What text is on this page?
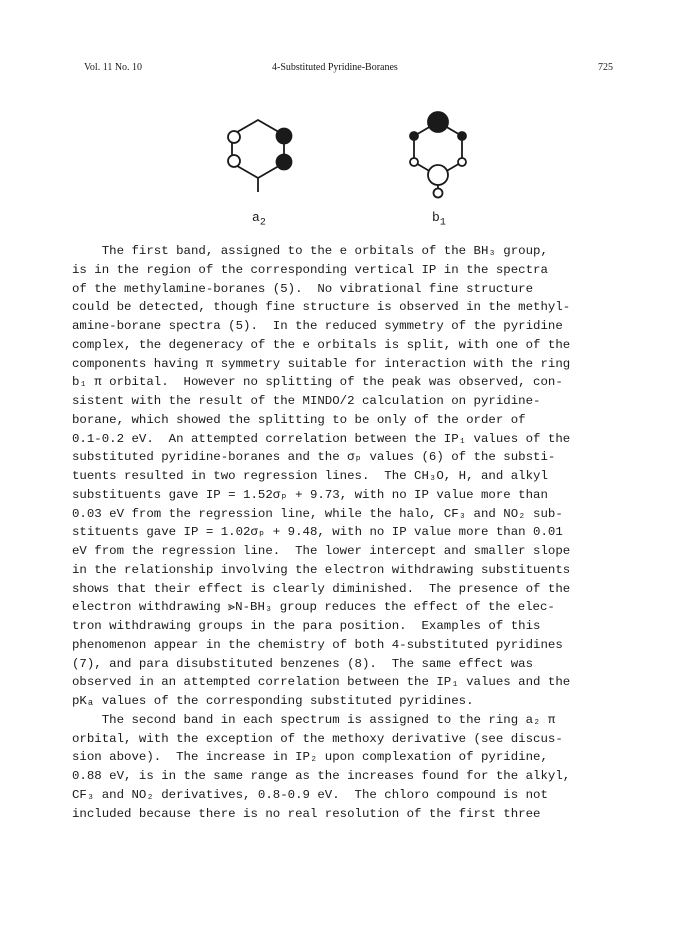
Vol. 11 No. 10	4-Substituted Pyridine-Boranes	725
$a_2$	$b_1$
The first band, assigned to the e orbitals of the BH₃ group,
is in the region of the corresponding vertical IP in the spectra
of the methylamine-boranes (5).  No vibrational fine structure
could be detected, though fine structure is observed in the methyl-
amine-borane spectra (5).  In the reduced symmetry of the pyridine
complex, the degeneracy of the e orbitals is split, with one of the
components having π symmetry suitable for interaction with the ring
b₁ π orbital.  However no splitting of the peak was observed, con-
sistent with the result of the MINDO/2 calculation on pyridine-
borane, which showed the splitting to be only of the order of
0.1-0.2 eV.  An attempted correlation between the IP₁ values of the
substituted pyridine-boranes and the σₚ values (6) of the substi-
tuents resulted in two regression lines.  The CH₃O, H, and alkyl
substituents gave IP = 1.52σₚ + 9.73, with no IP value more than
0.03 eV from the regression line, while the halo, CF₃ and NO₂ sub-
stituents gave IP = 1.02σₚ + 9.48, with no IP value more than 0.01
eV from the regression line.  The lower intercept and smaller slope
in the relationship involving the electron withdrawing substituents
shows that their effect is clearly diminished.  The presence of the
electron withdrawing ⪢N-BH₃ group reduces the effect of the elec-
tron withdrawing groups in the para position.  Examples of this
phenomenon appear in the chemistry of both 4-substituted pyridines
(7), and para disubstituted benzenes (8).  The same effect was
observed in an attempted correlation between the IP₁ values and the
pKₐ values of the corresponding substituted pyridines.
The second band in each spectrum is assigned to the ring a₂ π
orbital, with the exception of the methoxy derivative (see discus-
sion above).  The increase in IP₂ upon complexation of pyridine,
0.88 eV, is in the same range as the increases found for the alkyl,
CF₃ and NO₂ derivatives, 0.8-0.9 eV.  The chloro compound is not
included because there is no real resolution of the first three
